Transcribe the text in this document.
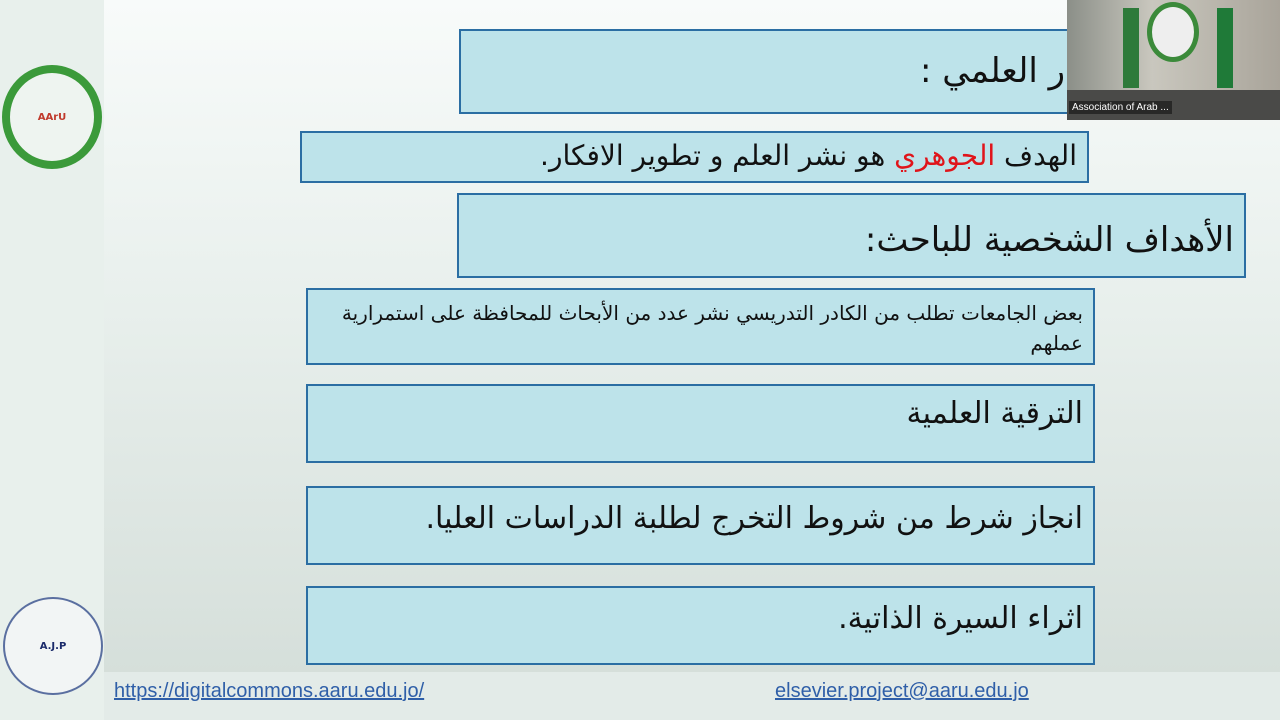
AArU
A.J.P
ر العلمي :
الهدف الجوهري هو نشر العلم و تطوير الافكار.
الأهداف الشخصية للباحث:
بعض الجامعات تطلب من الكادر التدريسي نشر عدد من الأبحاث للمحافظة على استمرارية عملهم
الترقية العلمية
انجاز شرط من شروط التخرج لطلبة الدراسات العليا.
اثراء السيرة الذاتية.
https://digitalcommons.aaru.edu.jo/	elsevier.project@aaru.edu.jo
Association of Arab ...
